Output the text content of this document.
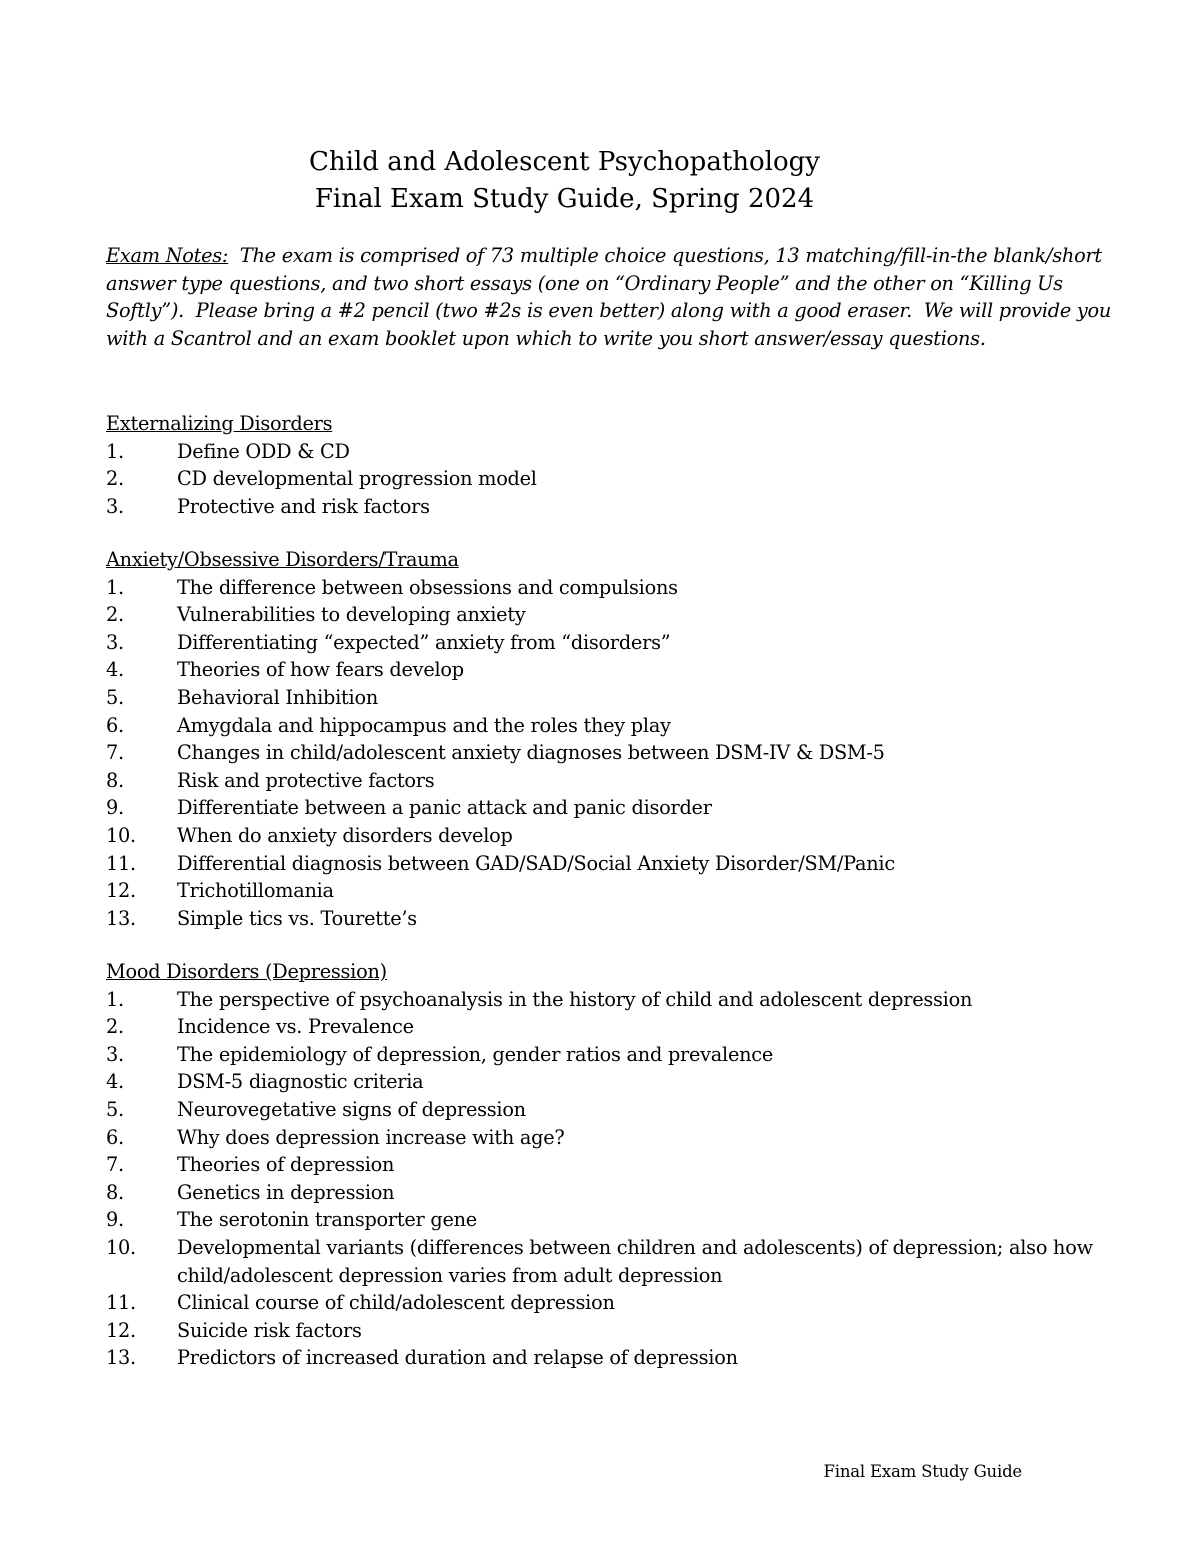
Child and Adolescent Psychopathology
Final Exam Study Guide, Spring 2024
Exam Notes:  The exam is comprised of 73 multiple choice questions, 13 matching/fill-in-the blank/short answer type questions, and two short essays (one on “Ordinary People” and the other on “Killing Us Softly”).  Please bring a #2 pencil (two #2s is even better) along with a good eraser.  We will provide you with a Scantrol and an exam booklet upon which to write you short answer/essay questions.
Externalizing Disorders
1.	Define ODD & CD
2.	CD developmental progression model
3.	Protective and risk factors
Anxiety/Obsessive Disorders/Trauma
1.	The difference between obsessions and compulsions
2.	Vulnerabilities to developing anxiety
3.	Differentiating “expected” anxiety from “disorders”
4.	Theories of how fears develop
5.	Behavioral Inhibition
6.	Amygdala and hippocampus and the roles they play
7.	Changes in child/adolescent anxiety diagnoses between DSM-IV & DSM-5
8.	Risk and protective factors
9.	Differentiate between a panic attack and panic disorder
10.	When do anxiety disorders develop
11.	Differential diagnosis between GAD/SAD/Social Anxiety Disorder/SM/Panic
12.	Trichotillomania
13.	Simple tics vs. Tourette’s
Mood Disorders (Depression)
1.	The perspective of psychoanalysis in the history of child and adolescent depression
2.	Incidence vs. Prevalence
3.	The epidemiology of depression, gender ratios and prevalence
4.	DSM-5 diagnostic criteria
5.	Neurovegetative signs of depression
6.	Why does depression increase with age?
7.	Theories of depression
8.	Genetics in depression
9.	The serotonin transporter gene
10.	Developmental variants (differences between children and adolescents) of depression; also how child/adolescent depression varies from adult depression
11.	Clinical course of child/adolescent depression
12.	Suicide risk factors
13.	Predictors of increased duration and relapse of depression
Final Exam Study Guide
